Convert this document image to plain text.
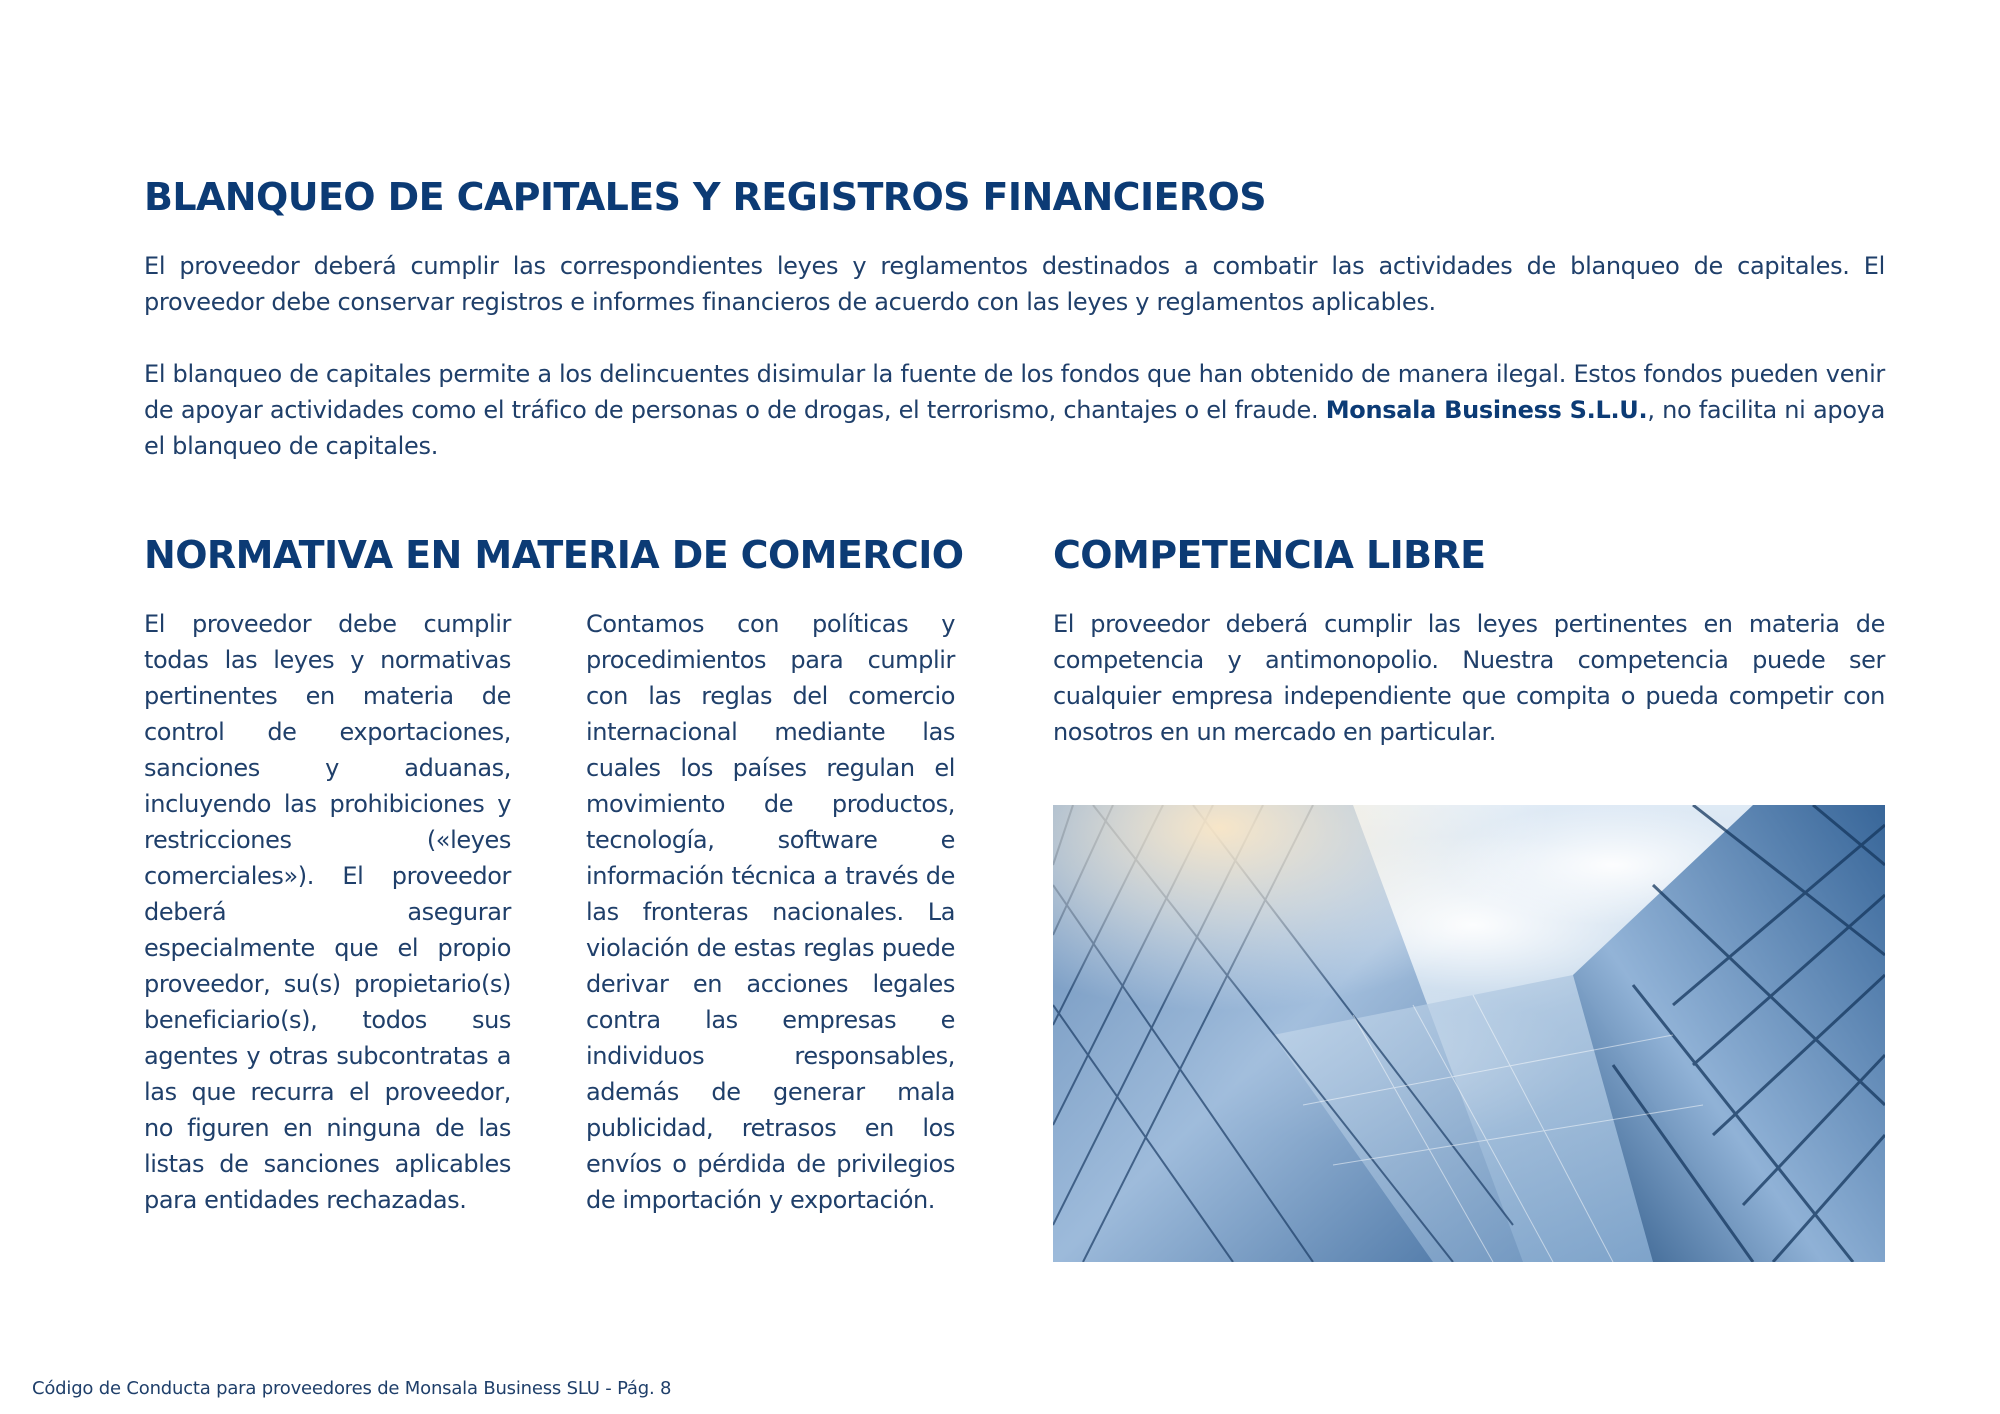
BLANQUEO DE CAPITALES Y REGISTROS FINANCIEROS

El proveedor deberá cumplir las correspondientes leyes y reglamentos destinados a combatir las actividades de blanqueo de capitales. El proveedor debe conservar registros e informes financieros de acuerdo con las leyes y reglamentos aplicables.

El blanqueo de capitales permite a los delincuentes disimular la fuente de los fondos que han obtenido de manera ilegal. Estos fondos pueden venir de apoyar actividades como el tráfico de personas o de drogas, el terrorismo, chantajes o el fraude. Monsala Business S.L.U., no facilita ni apoya el blanqueo de capitales.

NORMATIVA EN MATERIA DE COMERCIO

El proveedor debe cumplir todas las leyes y normativas pertinentes en materia de control de exportaciones, sanciones y aduanas, incluyendo las prohibiciones y restricciones («leyes comerciales»). El proveedor deberá asegurar especialmente que el propio proveedor, su(s) propietario(s) beneficiario(s), todos sus agentes y otras subcontratas a las que recurra el proveedor, no figuren en ninguna de las listas de sanciones aplicables para entidades rechazadas.

Contamos con políticas y procedimientos para cumplir con las reglas del comercio internacional mediante las cuales los países regulan el movimiento de productos, tecnología, software e información técnica a través de las fronteras nacionales. La violación de estas reglas puede derivar en acciones legales contra las empresas e individuos responsables, además de generar mala publicidad, retrasos en los envíos o pérdida de privilegios de importación y exportación.

COMPETENCIA LIBRE

El proveedor deberá cumplir las leyes pertinentes en materia de competencia y antimonopolio. Nuestra competencia puede ser cualquier empresa independiente que compita o pueda competir con nosotros en un mercado en particular.

Código de Conducta para proveedores de Monsala Business SLU - Pág. 8
